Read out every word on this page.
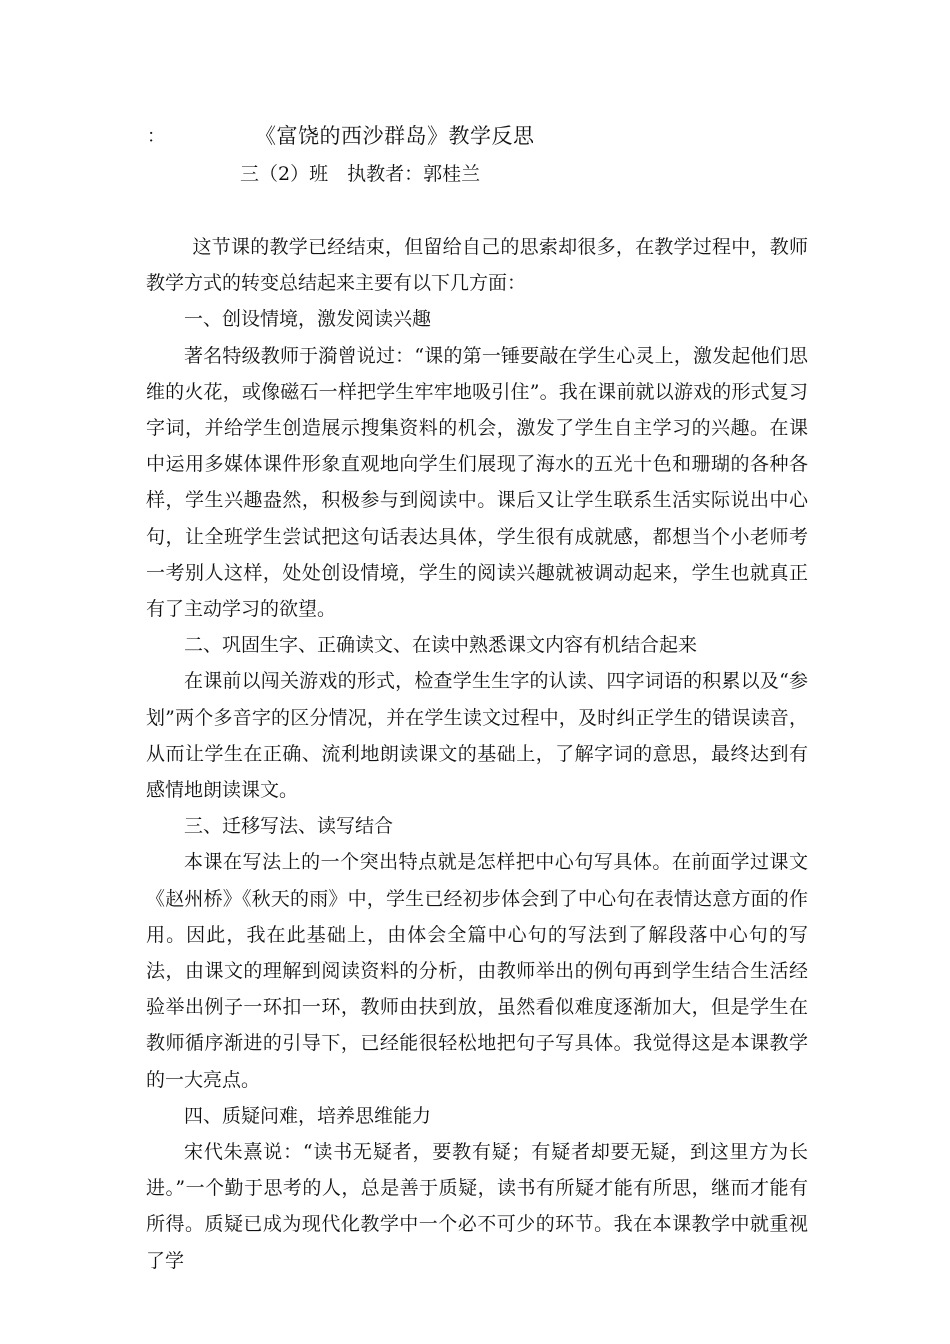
：	《富饶的西沙群岛》教学反思
三（2）班　执教者：郭桂兰

这节课的教学已经结束，但留给自己的思索却很多，在教学过程中，教师教学方式的转变总结起来主要有以下几方面：

一、创设情境，激发阅读兴趣

著名特级教师于漪曾说过：“课的第一锤要敲在学生心灵上，激发起他们思维的火花，或像磁石一样把学生牢牢地吸引住”。我在课前就以游戏的形式复习字词，并给学生创造展示搜集资料的机会，激发了学生自主学习的兴趣。在课中运用多媒体课件形象直观地向学生们展现了海水的五光十色和珊瑚的各种各样，学生兴趣盎然，积极参与到阅读中。课后又让学生联系生活实际说出中心句，让全班学生尝试把这句话表达具体，学生很有成就感，都想当个小老师考一考别人这样，处处创设情境，学生的阅读兴趣就被调动起来，学生也就真正有了主动学习的欲望。

二、巩固生字、正确读文、在读中熟悉课文内容有机结合起来

在课前以闯关游戏的形式，检查学生生字的认读、四字词语的积累以及“参划”两个多音字的区分情况，并在学生读文过程中，及时纠正学生的错误读音，从而让学生在正确、流利地朗读课文的基础上，了解字词的意思，最终达到有感情地朗读课文。

三、迁移写法、读写结合

本课在写法上的一个突出特点就是怎样把中心句写具体。在前面学过课文《赵州桥》《秋天的雨》中，学生已经初步体会到了中心句在表情达意方面的作用。因此，我在此基础上，由体会全篇中心句的写法到了解段落中心句的写法，由课文的理解到阅读资料的分析，由教师举出的例句再到学生结合生活经验举出例子一环扣一环，教师由扶到放，虽然看似难度逐渐加大，但是学生在教师循序渐进的引导下，已经能很轻松地把句子写具体。我觉得这是本课教学的一大亮点。

四、质疑问难，培养思维能力

宋代朱熹说：“读书无疑者，要教有疑；有疑者却要无疑，到这里方为长进。”一个勤于思考的人，总是善于质疑，读书有所疑才能有所思，继而才能有所得。质疑已成为现代化教学中一个必不可少的环节。我在本课教学中就重视了学
